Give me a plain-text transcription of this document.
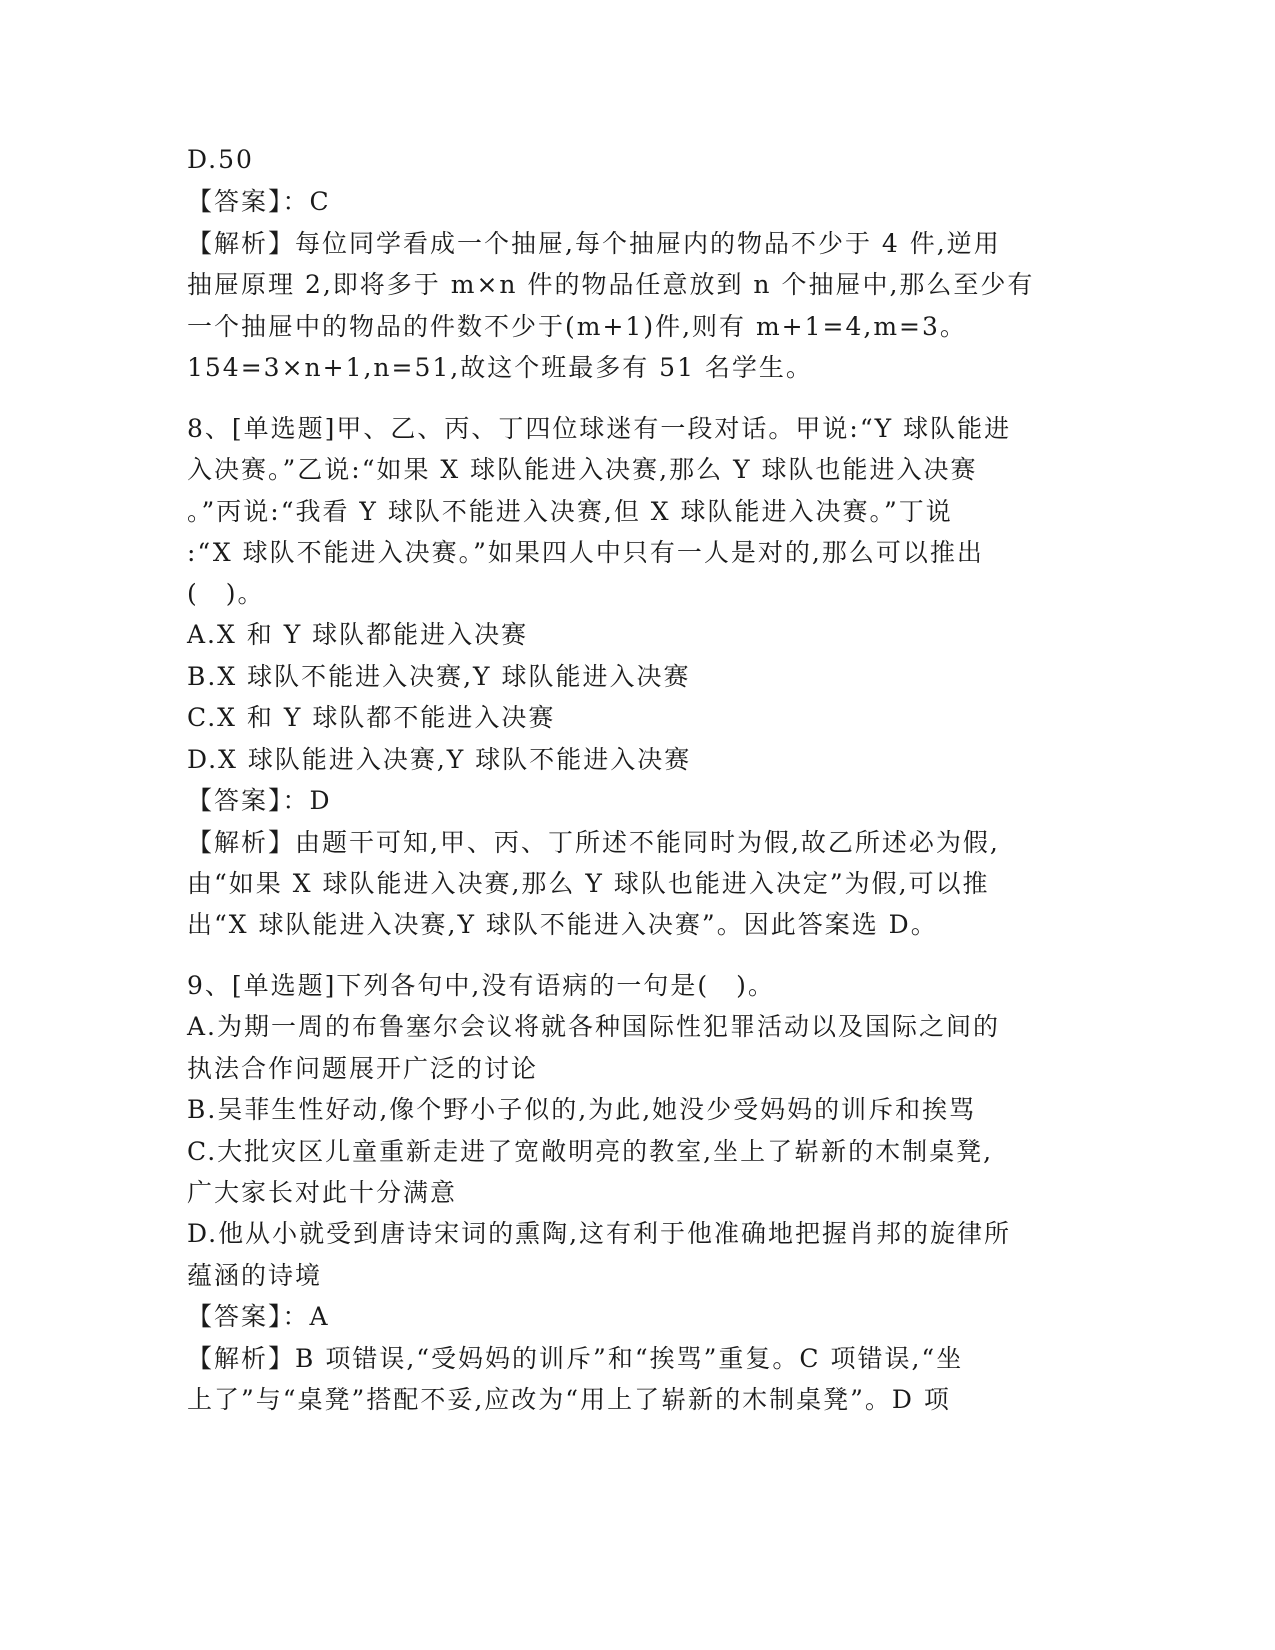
D.50
【答案】：C
【解析】每位同学看成一个抽屉,每个抽屉内的物品不少于 4 件,逆用
抽屉原理 2,即将多于 m×n 件的物品任意放到 n 个抽屉中,那么至少有
一个抽屉中的物品的件数不少于(m+1)件,则有 m+1=4,m=3。
154=3×n+1,n=51,故这个班最多有 51 名学生。
8、[单选题]甲、乙、丙、丁四位球迷有一段对话。甲说:“Y 球队能进
入决赛。”乙说:“如果 X 球队能进入决赛,那么 Y 球队也能进入决赛
。”丙说:“我看 Y 球队不能进入决赛,但 X 球队能进入决赛。”丁说
:“X 球队不能进入决赛。”如果四人中只有一人是对的,那么可以推出
(　)。
A.X 和 Y 球队都能进入决赛
B.X 球队不能进入决赛,Y 球队能进入决赛
C.X 和 Y 球队都不能进入决赛
D.X 球队能进入决赛,Y 球队不能进入决赛
【答案】：D
【解析】由题干可知,甲、丙、丁所述不能同时为假,故乙所述必为假,
由“如果 X 球队能进入决赛,那么 Y 球队也能进入决定”为假,可以推
出“X 球队能进入决赛,Y 球队不能进入决赛”。因此答案选 D。
9、[单选题]下列各句中,没有语病的一句是(　)。
A.为期一周的布鲁塞尔会议将就各种国际性犯罪活动以及国际之间的
执法合作问题展开广泛的讨论
B.吴菲生性好动,像个野小子似的,为此,她没少受妈妈的训斥和挨骂
C.大批灾区儿童重新走进了宽敞明亮的教室,坐上了崭新的木制桌凳,
广大家长对此十分满意
D.他从小就受到唐诗宋词的熏陶,这有利于他准确地把握肖邦的旋律所
蕴涵的诗境
【答案】：A
【解析】B 项错误,“受妈妈的训斥”和“挨骂”重复。C 项错误,“坐
上了”与“桌凳”搭配不妥,应改为“用上了崭新的木制桌凳”。D 项
